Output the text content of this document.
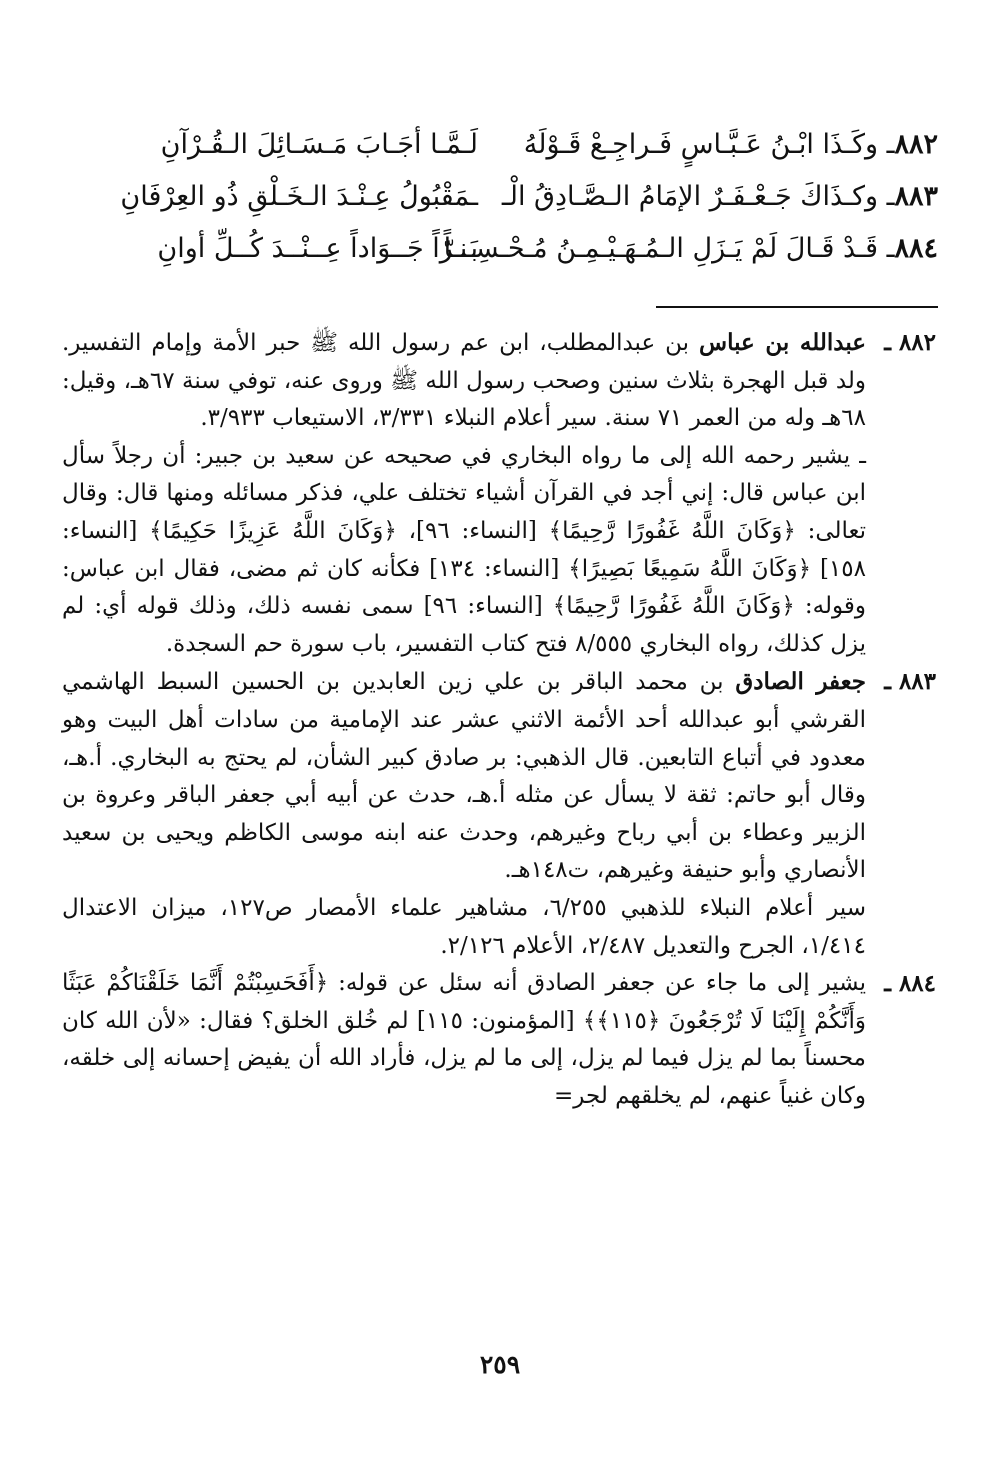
٨٨٢ـ وكَـذَا ابْـنُ عَـبَّـاسٍ فَـراجِـعْ قَـوْلَهُ
لَـمَّـا أجَـابَ مَـسَـائِلَ الـقُـرْآنِ
٨٨٣ـ وكـذَاكَ جَـعْـفَـرٌ الإمَامُ الـصَّـادِقُ الْـ
ـمَقْبُولُ عِـنْـدَ الـخَـلْقِ ذُو العِرْفَانِ
٨٨٤ـ قَـدْ قَـالَ لَمْ يَـزَلِ الـمُـهَـيْـمِـنُ مُـحْـسِـنـاً
بَــرّاً جَــوَاداً عِــنْــدَ كُــلِّ أوانِ
٨٨٢ ـ

عبدالله بن عباس بن عبدالمطلب، ابن عم رسول الله ﷺ حبر الأمة وإمام التفسير. ولد قبل الهجرة بثلاث سنين وصحب رسول الله ﷺ وروى عنه، توفي سنة ٦٧هـ، وقيل: ٦٨هـ وله من العمر ٧١ سنة. سير أعلام النبلاء ٣/٣٣١، الاستيعاب ٣/٩٣٣.

ـ يشير رحمه الله إلى ما رواه البخاري في صحيحه عن سعيد بن جبير: أن رجلاً سأل ابن عباس قال: إني أجد في القرآن أشياء تختلف علي، فذكر مسائله ومنها قال: وقال تعالى: ﴿وَكَانَ اللَّهُ غَفُورًا رَّحِيمًا﴾ [النساء: ٩٦]، ﴿وَكَانَ اللَّهُ عَزِيزًا حَكِيمًا﴾ [النساء: ١٥٨] ﴿وَكَانَ اللَّهُ سَمِيعًا بَصِيرًا﴾ [النساء: ١٣٤] فكأنه كان ثم مضى، فقال ابن عباس: وقوله: ﴿وَكَانَ اللَّهُ غَفُورًا رَّحِيمًا﴾ [النساء: ٩٦] سمى نفسه ذلك، وذلك قوله أي: لم يزل كذلك، رواه البخاري ٨/٥٥٥ فتح كتاب التفسير، باب سورة حم السجدة.

٨٨٣ ـ

جعفر الصادق بن محمد الباقر بن علي زين العابدين بن الحسين السبط الهاشمي القرشي أبو عبدالله أحد الأئمة الاثني عشر عند الإمامية من سادات أهل البيت وهو معدود في أتباع التابعين. قال الذهبي: بر صادق كبير الشأن، لم يحتج به البخاري. أ.هـ، وقال أبو حاتم: ثقة لا يسأل عن مثله أ.هـ، حدث عن أبيه أبي جعفر الباقر وعروة بن الزبير وعطاء بن أبي رباح وغيرهم، وحدث عنه ابنه موسى الكاظم ويحيى بن سعيد الأنصاري وأبو حنيفة وغيرهم، ت١٤٨هـ.

سير أعلام النبلاء للذهبي ٦/٢٥٥، مشاهير علماء الأمصار ص١٢٧، ميزان الاعتدال ١/٤١٤، الجرح والتعديل ٢/٤٨٧، الأعلام ٢/١٢٦.

٨٨٤ ـ

يشير إلى ما جاء عن جعفر الصادق أنه سئل عن قوله: ﴿أَفَحَسِبْتُمْ أَنَّمَا خَلَقْنَاكُمْ عَبَثًا وَأَنَّكُمْ إِلَيْنَا لَا تُرْجَعُونَ ﴿١١٥﴾﴾ [المؤمنون: ١١٥] لم خُلق الخلق؟ فقال: «لأن الله كان محسناً بما لم يزل فيما لم يزل، إلى ما لم يزل، فأراد الله أن يفيض إحسانه إلى خلقه، وكان غنياً عنهم، لم يخلقهم لجر=

٢٥٩
